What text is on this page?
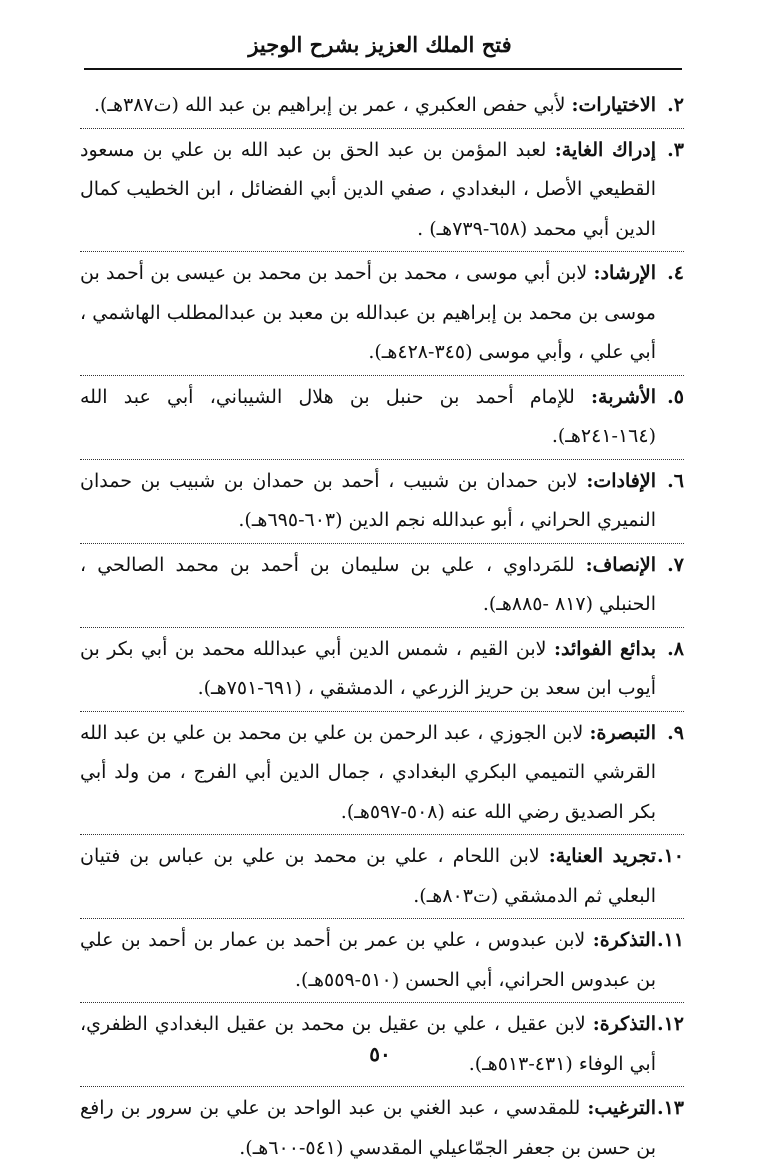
فتح الملك العزيز بشرح الوجيز
٢.
الاختيارات: لأبي حفص العكبري ، عمر بن إبراهيم بن عبد الله (ت٣٨٧هـ).
٣.
إدراك الغاية: لعبد المؤمن بن عبد الحق بن عبد الله بن علي بن مسعود القطيعي الأصل ، البغدادي ، صفي الدين أبي الفضائل ، ابن الخطيب كمال الدين أبي محمد (٦٥٨-٧٣٩هـ) .
٤.
الإرشاد: لابن أبي موسى ، محمد بن أحمد بن محمد بن عيسى بن أحمد بن موسى بن محمد بن إبراهيم بن عبدالله بن معبد بن عبدالمطلب الهاشمي ، أبي علي ، وأبي موسى (٣٤٥-٤٢٨هـ).
٥.
الأشربة: للإمام أحمد بن حنبل بن هلال الشيباني، أبي عبد الله (١٦٤-٢٤١هـ).
٦.
الإفادات: لابن حمدان بن شبيب ، أحمد بن حمدان بن شبيب بن حمدان النميري الحراني ، أبو عبدالله نجم الدين (٦٠٣-٦٩٥هـ).
٧.
الإنصاف: للمَرداوي ، علي بن سليمان بن أحمد بن محمد الصالحي ، الحنبلي (٨١٧ -٨٨٥هـ).
٨.
بدائع الفوائد: لابن القيم ، شمس الدين أبي عبدالله محمد بن أبي بكر بن أيوب ابن سعد بن حريز الزرعي ، الدمشقي ، (٦٩١-٧٥١هـ).
٩.
التبصرة: لابن الجوزي ، عبد الرحمن بن علي بن محمد بن علي بن عبد الله القرشي التميمي البكري البغدادي ، جمال الدين أبي الفرج ، من ولد أبي بكر الصديق رضي الله عنه (٥٠٨-٥٩٧هـ).
١٠.
تجريد العناية: لابن اللحام ، علي بن محمد بن علي بن عباس بن فتيان البعلي ثم الدمشقي (ت٨٠٣هـ).
١١.
التذكرة: لابن عبدوس ، علي بن عمر بن أحمد بن عمار بن أحمد بن علي بن عبدوس الحراني، أبي الحسن (٥١٠-٥٥٩هـ).
١٢.
التذكرة: لابن عقيل ، علي بن عقيل بن محمد بن عقيل البغدادي الظفري، أبي الوفاء (٤٣١-٥١٣هـ).
١٣.
الترغيب: للمقدسي ، عبد الغني بن عبد الواحد بن علي بن سرور بن رافع بن حسن بن جعفر الجمّاعيلي المقدسي (٥٤١-٦٠٠هـ).
٥٠
